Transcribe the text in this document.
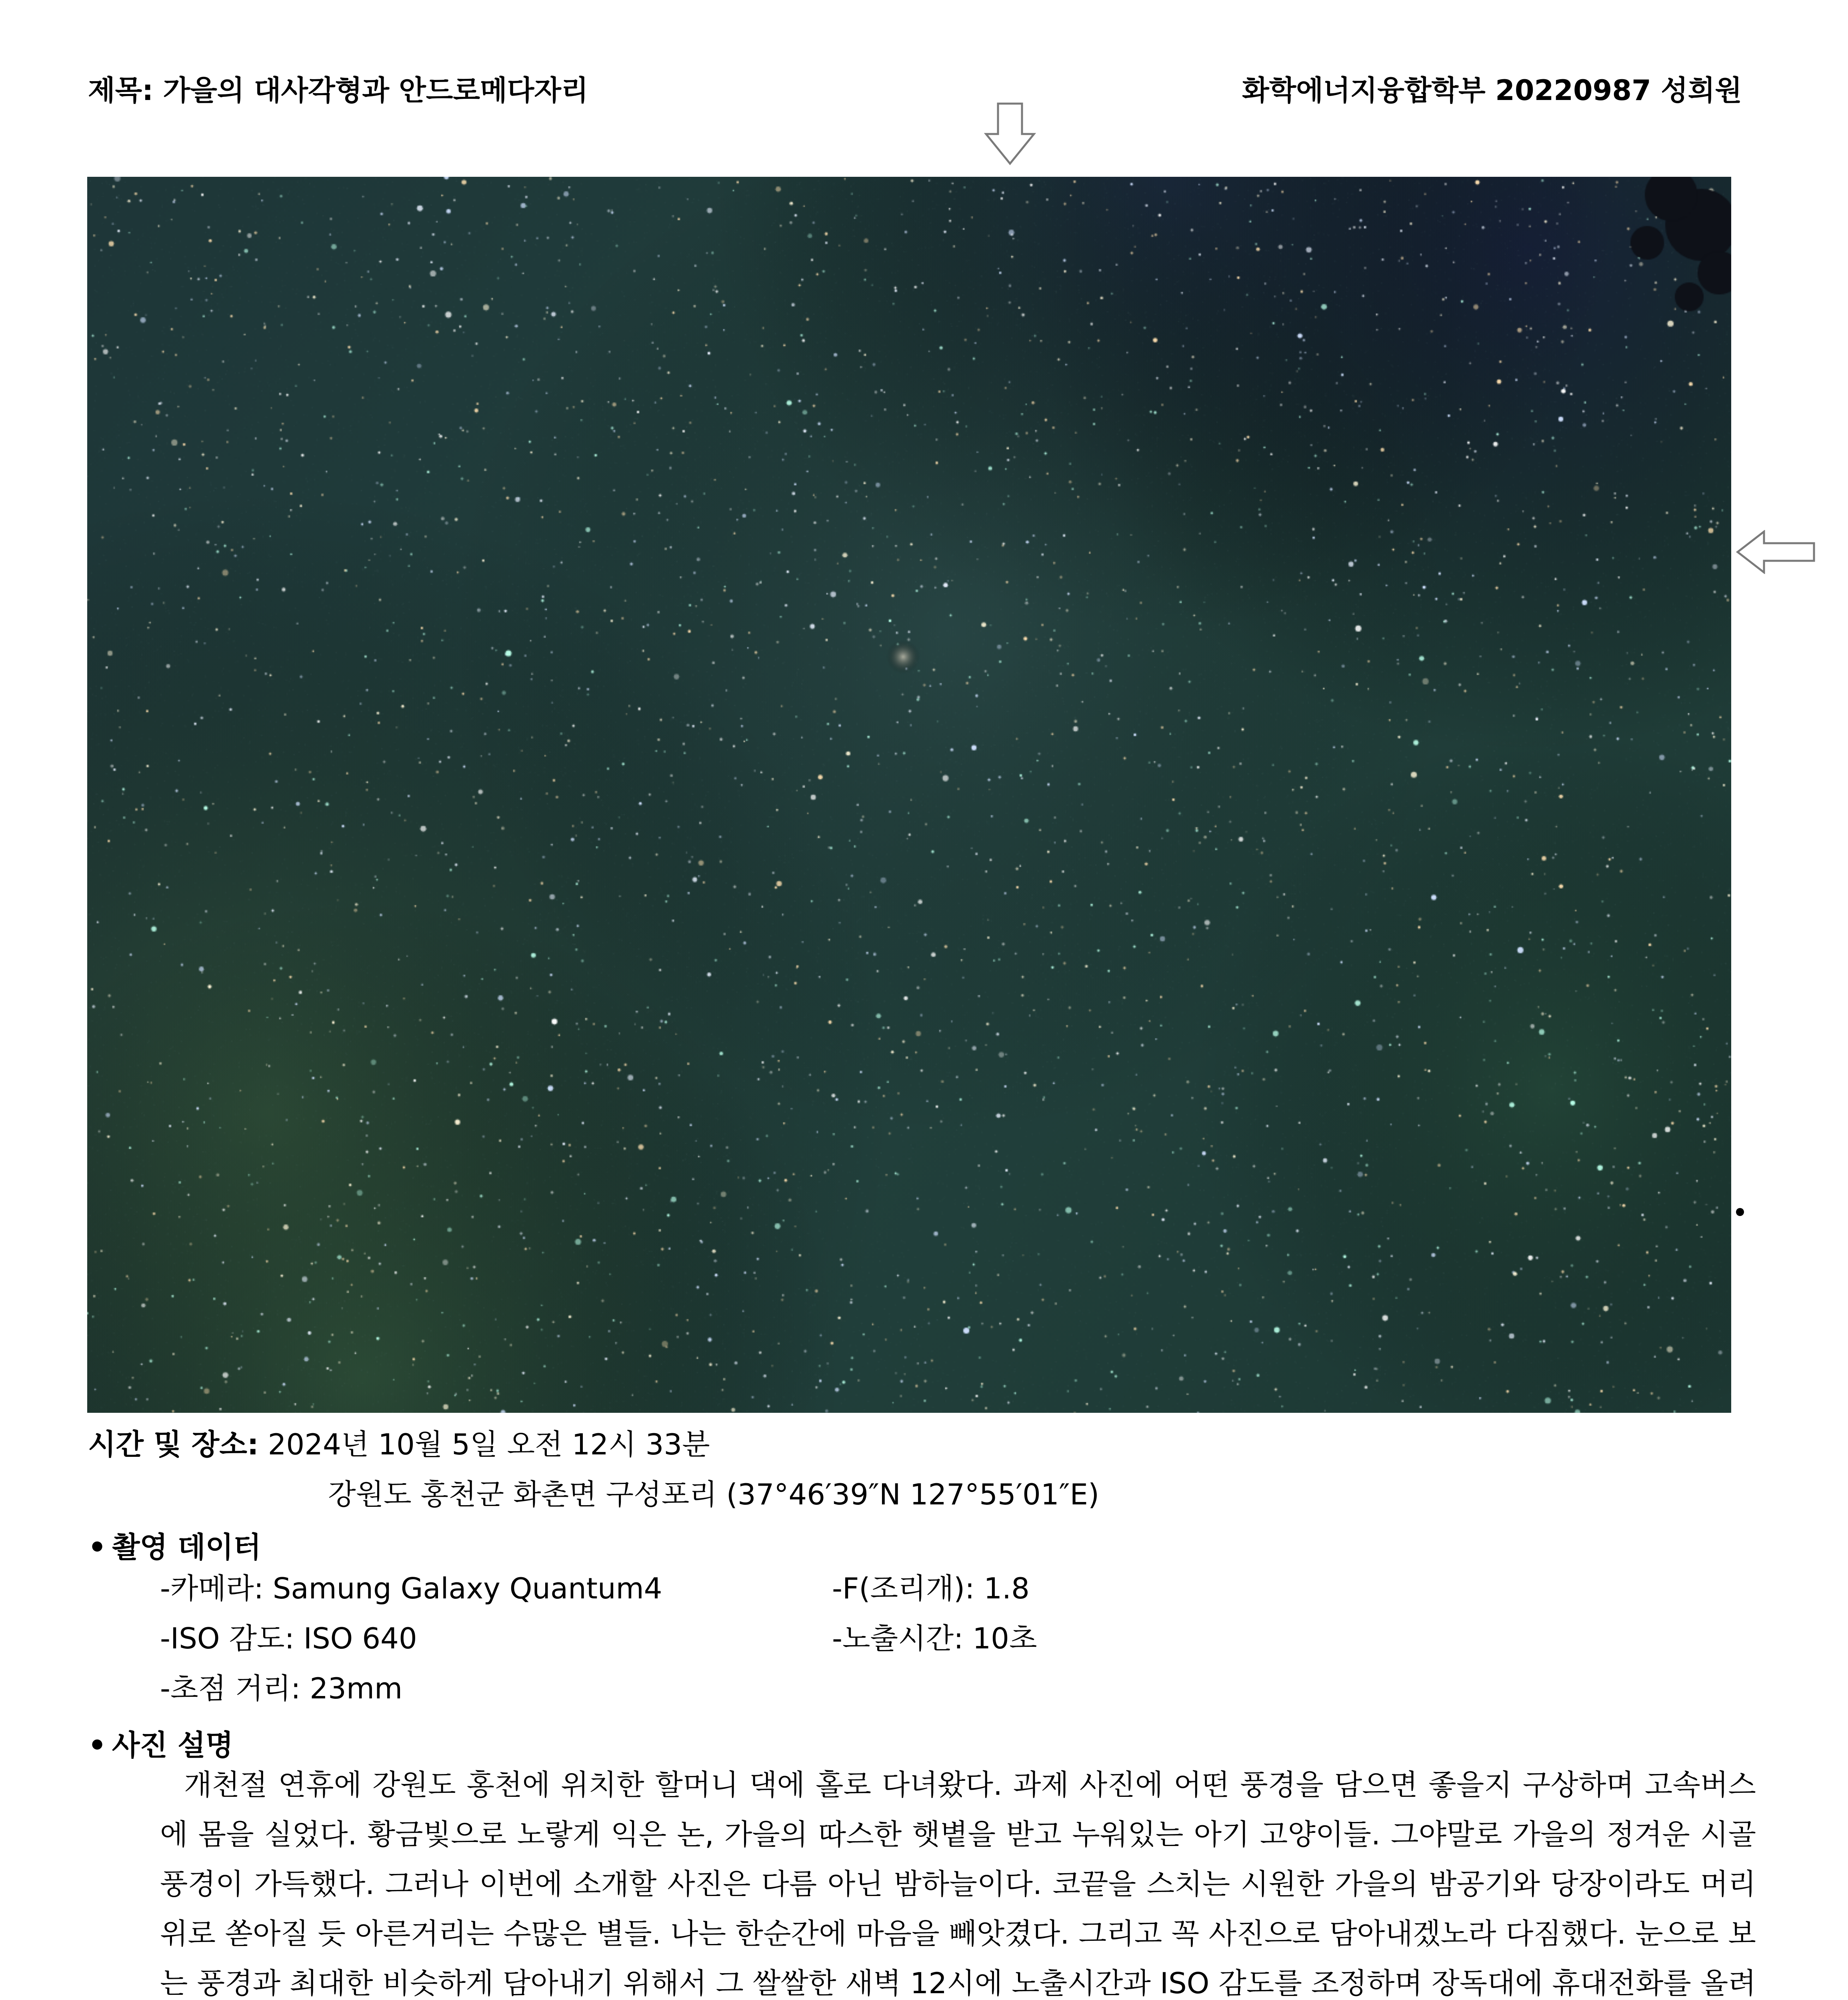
제목: 가을의 대사각형과 안드로메다자리	화학에너지융합학부 20220987 성희원
시간 및 장소: 2024년 10월 5일 오전 12시 33분
강원도 홍천군 화촌면 구성포리 (37°46′39″N 127°55′01″E)
• 촬영 데이터
-카메라: Samung Galaxy Quantum4	-F(조리개): 1.8
-ISO 감도: ISO 640	-노출시간: 10초
-초점 거리: 23mm
• 사진 설명
개천절 연휴에 강원도 홍천에 위치한 할머니 댁에 홀로 다녀왔다. 과제 사진에 어떤 풍경을 담으면 좋을지 구상하며 고속버스에 몸을 실었다. 황금빛으로 노랗게 익은 논, 가을의 따스한 햇볕을 받고 누워있는 아기 고양이들. 그야말로 가을의 정겨운 시골 풍경이 가득했다. 그러나 이번에 소개할 사진은 다름 아닌 밤하늘이다. 코끝을 스치는 시원한 가을의 밤공기와 당장이라도 머리 위로 쏟아질 듯 아른거리는 수많은 별들. 나는 한순간에 마음을 빼앗겼다. 그리고 꼭 사진으로 담아내겠노라 다짐했다. 눈으로 보는 풍경과 최대한 비슷하게 담아내기 위해서 그 쌀쌀한 새벽 12시에 노출시간과 ISO 감도를 조정하며 장독대에 휴대전화를 올려
